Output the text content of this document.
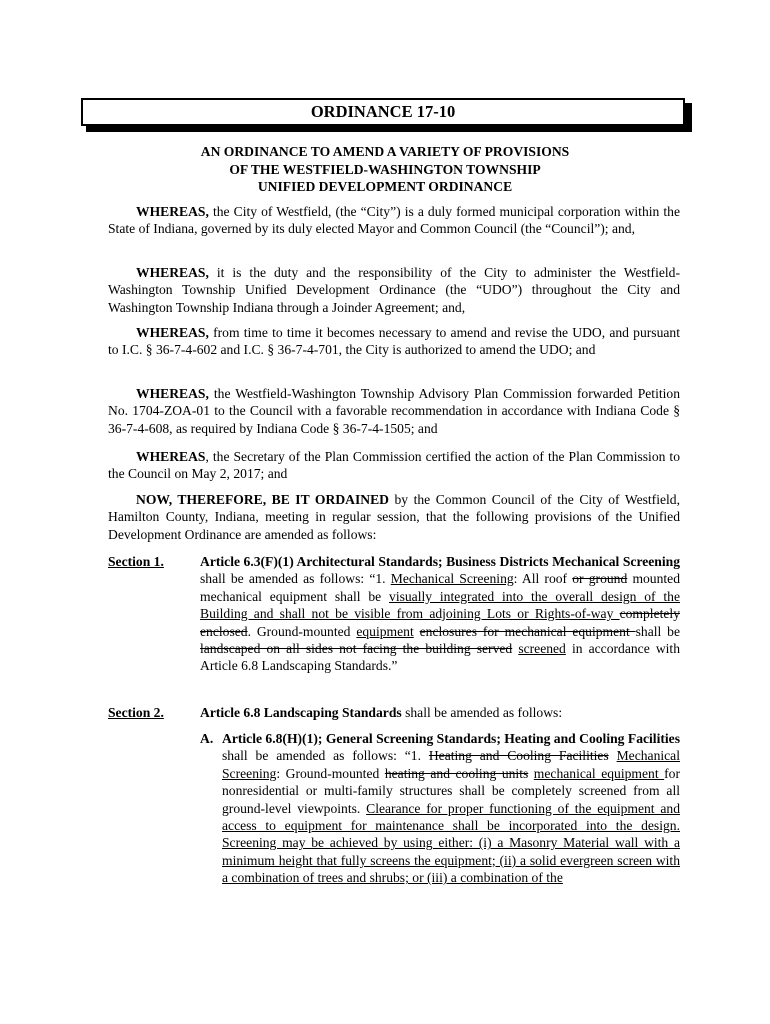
ORDINANCE 17-10
AN ORDINANCE TO AMEND A VARIETY OF PROVISIONS
OF THE WESTFIELD-WASHINGTON TOWNSHIP
UNIFIED DEVELOPMENT ORDINANCE

WHEREAS, the City of Westfield, (the “City”) is a duly formed municipal corporation within the State of Indiana, governed by its duly elected Mayor and Common Council (the “Council”); and,

WHEREAS, it is the duty and the responsibility of the City to administer the Westfield-Washington Township Unified Development Ordinance (the “UDO”) throughout the City and Washington Township Indiana through a Joinder Agreement; and,

WHEREAS, from time to time it becomes necessary to amend and revise the UDO, and pursuant to I.C. § 36-7-4-602 and I.C. § 36-7-4-701, the City is authorized to amend the UDO; and

WHEREAS, the Westfield-Washington Township Advisory Plan Commission forwarded Petition No. 1704-ZOA-01 to the Council with a favorable recommendation in accordance with Indiana Code § 36-7-4-608, as required by Indiana Code § 36-7-4-1505; and

WHEREAS, the Secretary of the Plan Commission certified the action of the Plan Commission to the Council on May 2, 2017; and

NOW, THEREFORE, BE IT ORDAINED by the Common Council of the City of Westfield, Hamilton County, Indiana, meeting in regular session, that the following provisions of the Unified Development Ordinance are amended as follows:

Section 1.	Article 6.3(F)(1) Architectural Standards; Business Districts Mechanical Screening shall be amended as follows: “1. Mechanical Screening: All roof or ground mounted mechanical equipment shall be visually integrated into the overall design of the Building and shall not be visible from adjoining Lots or Rights-of-way completely enclosed. Ground-mounted equipment enclosures for mechanical equipment shall be landscaped on all sides not facing the building served screened in accordance with Article 6.8 Landscaping Standards.”
Section 2.	Article 6.8 Landscaping Standards shall be amended as follows:
A. Article 6.8(H)(1); General Screening Standards; Heating and Cooling Facilities shall be amended as follows: “1. Heating and Cooling Facilities Mechanical Screening: Ground-mounted heating and cooling units mechanical equipment for nonresidential or multi-family structures shall be completely screened from all ground-level viewpoints. Clearance for proper functioning of the equipment and access to equipment for maintenance shall be incorporated into the design. Screening may be achieved by using either: (i) a Masonry Material wall with a minimum height that fully screens the equipment; (ii) a solid evergreen screen with a combination of trees and shrubs; or (iii) a combination of the
